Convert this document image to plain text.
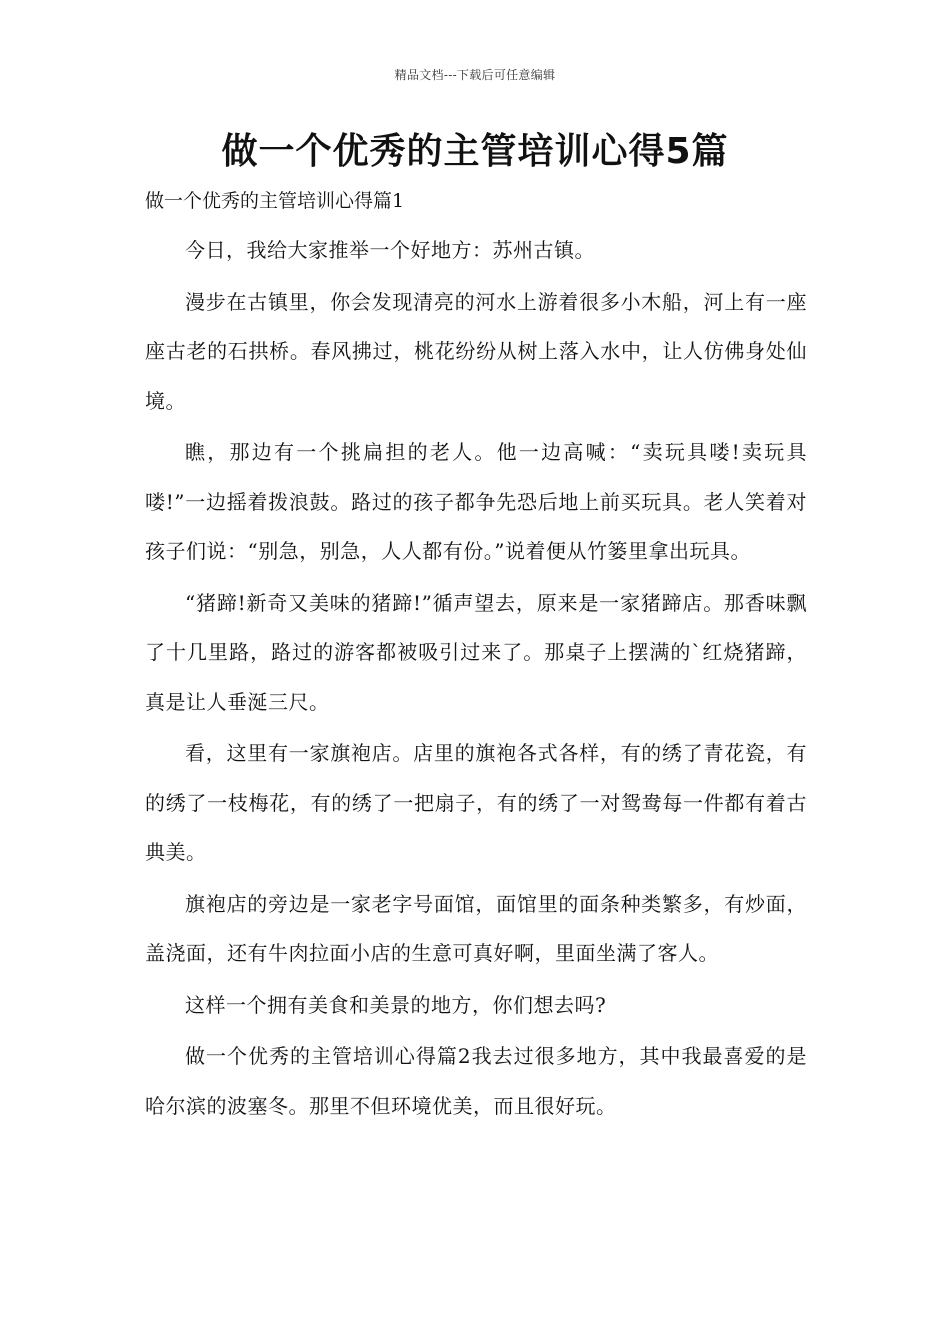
精品文档---下载后可任意编辑
做一个优秀的主管培训心得5篇

做一个优秀的主管培训心得篇1

今日，我给大家推举一个好地方：苏州古镇。

漫步在古镇里，你会发现清亮的河水上游着很多小木船，河上有一座座古老的石拱桥。春风拂过，桃花纷纷从树上落入水中，让人仿佛身处仙境。

瞧，那边有一个挑扁担的老人。他一边高喊：“卖玩具喽!卖玩具喽!”一边摇着拨浪鼓。路过的孩子都争先恐后地上前买玩具。老人笑着对孩子们说：“别急，别急，人人都有份。”说着便从竹篓里拿出玩具。

“猪蹄!新奇又美味的猪蹄!”循声望去，原来是一家猪蹄店。那香味飘了十几里路，路过的游客都被吸引过来了。那桌子上摆满的`红烧猪蹄，真是让人垂涎三尺。

看，这里有一家旗袍店。店里的旗袍各式各样，有的绣了青花瓷，有的绣了一枝梅花，有的绣了一把扇子，有的绣了一对鸳鸯每一件都有着古典美。

旗袍店的旁边是一家老字号面馆，面馆里的面条种类繁多，有炒面，盖浇面，还有牛肉拉面小店的生意可真好啊，里面坐满了客人。

这样一个拥有美食和美景的地方，你们想去吗?

做一个优秀的主管培训心得篇2我去过很多地方，其中我最喜爱的是哈尔滨的波塞冬。那里不但环境优美，而且很好玩。
